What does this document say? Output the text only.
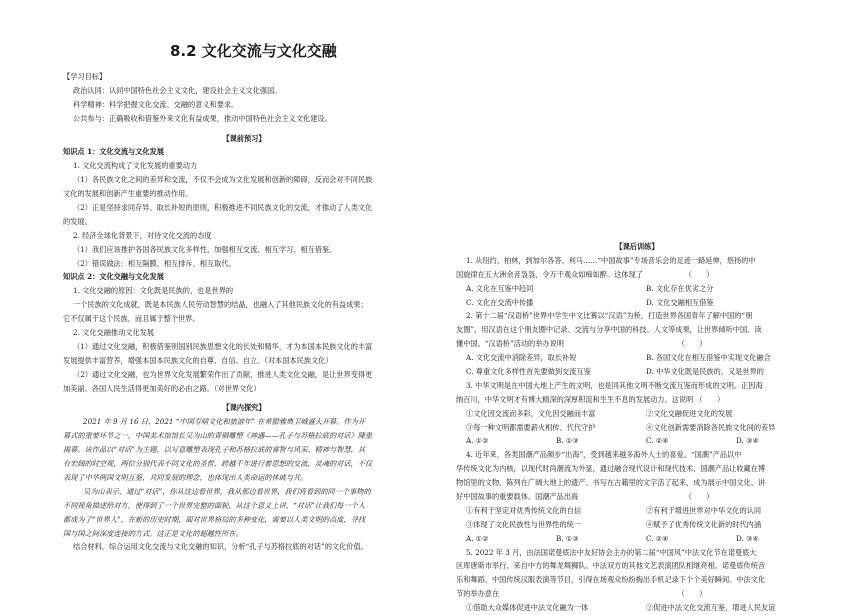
8.2 文化交流与文化交融
【学习目标】
政治认同：认同中国特色社会主义文化，建设社会主义文化强国。
科学精神：科学把握文化交流、交融的意义和要求。
公共参与：正确吸收和借鉴外来文化有益成果，推动中国特色社会主义文化建设。
【课前预习】
知识点 1：文化交流与文化发展
1. 文化交流构成了文化发展的重要动力
（1）各民族文化之间的差异和交流，不仅不会成为文化发展和创新的障碍，反而会对不同民族
文化的发展和创新产生重要的推动作用。
（2）正是坚持求同存异、取长补短的原则，积极推进不同民族文化的交流，才推动了人类文化
的发展。
2. 经济全球化背景下，对待文化交流的态度
（1）我们应该推护各国各民族文化多样性，加强相互交流、相互学习、相互借鉴。
（2）错误做法：相互隔膜、相互排斥、相互取代。
知识点 2：文化交融与文化发展
1. 文化交融的原因：文化既是民族的，也是世界的
一个民族的文化成就，既是本民族人民劳动智慧的结晶，也融入了其他民族文化的有益成果；
它不仅属于这个民族，而且属于整个世界。
2. 文化交融推动文化发展
（1）通过文化交融，积极借鉴别国别民族思想文化的长处和精华，才为本国本民族文化的丰富
发展提供丰富营养，增强本国本民族文化的自尊、自信、自立。（对本国本民族文化）
（2）通过文化交融，也为世界文化发展繁荣作出了贡献，推进人类文化交融，是让世界变得更
加美丽、各国人民生活得更加美好的必由之路。（对世界文化）
【课内探究】
2021 年 9 月 16 日，2021 “中国寿晴文化和旅游年” 在希腊雅典卫城盛大开幕。作为开
幕式的重要环节之一，中国美术馆馆长吴为山的青铜雕塑《神遇——孔子与苏格拉底的对话》隆重
揭幕。该作品以“对话”为主题，以写意雕塑表现孔子和苏格拉底的睿智与风采、精神与智慧，其
有宏阔的时空观，两位分别代表不同文化的圣哲，跨越千年进行着思想的交流，灵魂的对话，不仅
表现了中华两国文明互鉴，共同发展的理念，也体现出人类命运的休戚与共。
吴为山表示，通过“对话”，你从这边看世界，我从那边看世界，我们将看到的同一个事物的
不同视角描述给对方，使得到了一个世界完整的面貌，从这个意义上讲，“对话”让我们每一个人
都成为了“世界人”，在新的历史时期，面对世界格局的多种变化，需要以人类文明的高度，寻找
国与国之间深度连接的方式。这正是文化的超越性所在。
结合材料，综合运用文化交流与文化交融的知识，分析“孔子与苏格拉底的对话”的文化价值。
【课后训练】
1. 从纽约、柏林，到加尔各答、利马……“中国故事”专场音乐会的足迹一路延伸，悠扬的中
国旋律在五大洲余音袅袅，令万千观众如痴如醉。这体现了 　　　　　　（　　）
A. 文化在互鉴中趋同	B. 文化存在优劣之分
C. 文化在交流中传播	D. 文化交融相互借鉴
2. 第十二届“汉语桥”世界中学生中文比赛以“汉语”为桥，打造世界各国青年了解中国的“朋
友圈”，用汉语在这个朋友圈中记录、交流与分享中国的科技、人文等成果，让世界倾听中国、读
懂中国。“汉语桥”活动的举办说明 　　　　　　　　　　　　　　　　（　　）
A. 文化交流中消除差异，取长补短	B. 各国文化在相互借鉴中实现文化融合
C. 尊重文化多样性首先要做到交流互鉴	D. 中华文化既是民族的，又是世界的
3. 中华文明是在中国大地上产生的文明，也是同其他文明不断交流互鉴而形成的文明。正因海
纳百川，中华文明才有博大精深的深厚积淀和生生不息的发展动力。这说明 （　　）
①文化因交流而多彩，文化因交融而丰富	②文化交融促进文化的发展
③每一种文明都需要薪火相传、代代守护	④文化创新需要消除各民族文化间的差异
A. ①②	B. ①③	C. ②④	D. ③④
4. 近年来，各类国潮产品频步“出海”，受到越来越多海外人士的喜爱。“国潮”产品以中
华传统文化为内核，以现代时尚潮流为外显，通过融合现代设计和现代技术，国潮产品让收藏在博
物馆里的文物、陈列在广阔大地上的遗产、书写在古籍里的文字活了起来，成为展示中国文化、讲
好中国故事的重要载体。国潮产品出海 　　　　　　　　　　　　　　　（　　）
①有利于坚定对优秀传统文化的自信	②有利于增进世界对中华文化的认同
③体现了文化民族性与世界性的统一	④赋予了优秀传统文化新的时代内涵
A. ①②	B. ①③	C. ②④	D. ③④
5. 2022 年 3 月，由法国诺曼底法中友好协会主办的第二届“中国风”中法文化节在诺曼底大
区库唐斯市举行。来自中方的舞龙舞狮队、中法双方的其他文艺表演团队相继亮相。诺曼底传统音
乐和舞蹈、中国传统汉服表演等节目，引得在场观众纷纷掏出手机记录下个个美好瞬间。中法文化
节的举办意在 　　　　　　　　　　　　　　　　　　　　　　　　　（　　）
①借助大众媒体促进中法文化融为一体	②促进中法文化交流互鉴，增进人民友谊
